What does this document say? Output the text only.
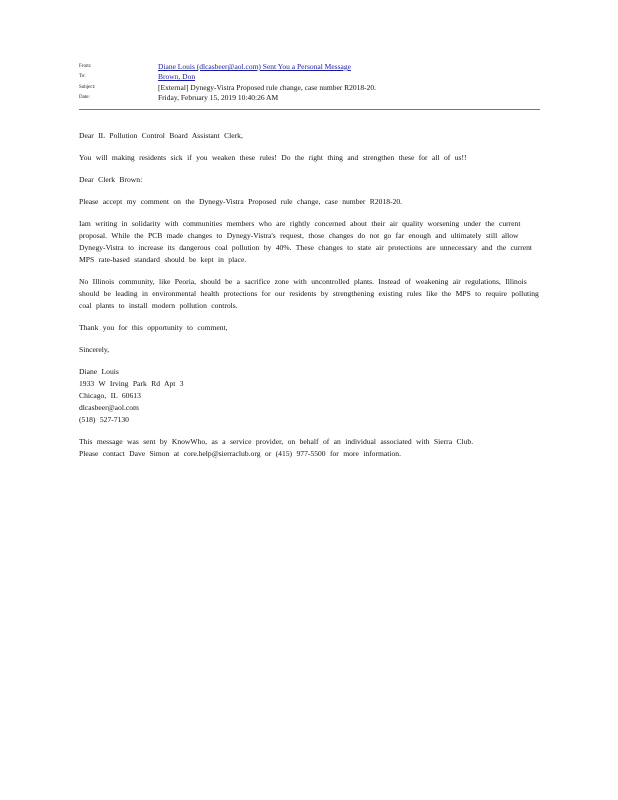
From:	Diane Louis (dlcasbeer@aol.com) Sent You a Personal Message
To:	Brown, Don
Subject:	[External] Dynegy-Vistra Proposed rule change, case number R2018-20.
Date:	Friday, February 15, 2019 10:40:26 AM

Dear IL Pollution Control Board Assistant Clerk,

You will making residents sick if you weaken these rules! Do the right thing and strengthen these for all of us!!

Dear Clerk Brown:

Please accept my comment on the Dynegy-Vistra Proposed rule change, case number R2018-20.

Iam writing in solidarity with communities members who are rightly concerned about their air quality worsening under the current proposal. While the PCB made changes to Dynegy-Vistra's request, those changes do not go far enough and ultimately still allow Dynegy-Vistra to increase its dangerous coal pollution by 40%. These changes to state air protections are unnecessary and the current MPS rate-based standard should be kept in place.

No Illinois community, like Peoria, should be a sacrifice zone with uncontrolled plants. Instead of weakening air regulations, Illinois should be leading in environmental health protections for our residents by strengthening existing rules like the MPS to require polluting coal plants to install modern pollution controls.

Thank you for this opportunity to comment,

Sincerely,

Diane Louis

1933 W Irving Park Rd Apt 3

Chicago, IL 60613

dlcasbeer@aol.com

(518) 527-7130

This message was sent by KnowWho, as a service provider, on behalf of an individual associated with Sierra Club.

Please contact Dave Simon at core.help@sierraclub.org or (415) 977-5500 for more information.
